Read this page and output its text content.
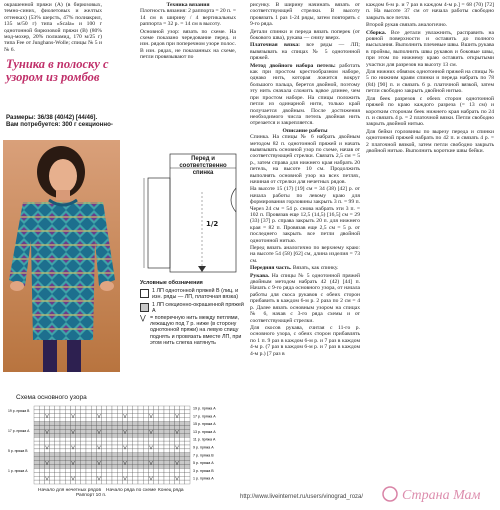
окрашенной пряжи (A) (в бирюзовых, темно-синих, фиолетовых и желтых оттенках) (53% шерсть, 47% полиакрил, 135 м/50 г) типа «Scala» и 100 г однотонной бирюзовой пряжи (B) (80% мод-мохер, 20% полиамид, 170 м/25 г) типа Fee от Junghans-Wolle; спицы № 5 и № 6.
Туника в полоску с узором из ромбов
Размеры: 36/38 (40/42) [44/46].
Вам потребуется: 300 г секционно-
Техника вязания
Плотность вязания: 2 раппорта = 20 п. = 14 см в ширину / 4 вертикальных раппорта = 32 р. = 14 см в высоту.
Основной узор: вязать по схеме. На схеме показано чередование перед. и изн. рядов при поперечном узоре полос. В изн. рядах, не показанных на схеме, петли провязывают по
Перед и соответственно спинка
1/2
Условные обозначения
1 ЛП однотонной пряжей В (лиц. и изн. ряды — ЛП, платочная вязка)
1 ЛП секционно-окрашенной пряжей А
⋁ = поперечную нить между петлями, лежащую под 7 р. ниже (в сторону однотонной пряжи) на левую спицу поднять и провязать вместе ЛП, при этом нить слегка натянуть
Схема основного узора
⋁	⋁	⋁	⋁	⋁	⋁
⋁	⋁	⋁	⋁	⋁	⋁
⋁	⋁	⋁	⋁	⋁	⋁
⋁	⋁	⋁	⋁	⋁	⋁
⋁	⋁	⋁	⋁	⋁	⋁
19 р. пряжа A
17 р. пряжа A
15 р. пряжа A
13 р. пряжа A
11 р. пряжа A
9 р. пряжа A
7 р. пряжа B
5 р. пряжа A
3 р. пряжа B
1 р. пряжа A
19 р. пряжа B
17 р. пряжа A
5 р. пряжа B
1 р. пряжа A
Начало для нечетных рядов Начало ряда по схеме Конец ряда
Раппорт 10 п.
рисунку. В ширину начинать вязать от соответствующей стрелки. В высоту провязать 1 раз 1-24 ряды, затем повторять с 9-го ряда.
Детали спинки и переда вязать поперек (от бокового шва), рукава — снизу вверх.
Платочная вязка: все ряды — ЛП; вывязывать на спицах № 5 однотонной пряжей.
Метод двойного набора петель: работать как при простом крестообразном наборе, однако нить, которая ложится вокруг большого пальца, берется двойной, поэтому эту нить сначала сложить вдвое длинее, чем при простом наборе. На спицы положить петли из одинарной нити, только край получается двойным. После достижения необходимого числа петель двойная нить отрезается и закрепляется.
Описание работы
Спинка. На спицы № 6 набрать двойным методом 82 п. однотонной пряжей и начать вывязывать основной узор по схеме, начав от соответствующей стрелки. Связать 2,5 см = 5 р., затем справа для нижнего края набрать 20 петель, на высоте 10 см. Продолжить выполнять основной узор на всех петлях, начиная от стрелки для нечетных рядов.
На высоте 15 (17) [19] см = 34 (38) [42] р. от начала работы по левому краю для формирования горловины закрыть 3 п. = 99 п. Через 24 см = 54 р. снова набрать эти 3 п. = 102 п. Провязав еще 12,5 (14,5) [16,5] см = 29 (33) [37] р. справа закрыть 20 п. для нижнего края = 82 п. Провязав еще 2,5 см = 5 р. от последнего закрыть все петли двойной однотонной нитью.
Перед вязать аналогично по верхнему краю: на высоте 54 (58) [62] см, длина изделия = 73 см.
Передняя часть. Вязать, как спинку.
Рукава. На спицы № 5 однотонной пряжей двойным методом набрать 42 (42) [44] п. Начать с 9-го ряда основного узора, от начала работы для скоса рукавов с обеих сторон прибавить в каждом 6-м р. 2 раза по 2 см = 4 р. Далее вязать основным узором на спицах № 6, начав с 3-го ряда схемы и от соответствующей стрелки.
Для скосов рукава, считая с 11-го р. основного узора, с обеих сторон прибавлять по 1 п. 9 раз в каждом 6-м р. и 7 раз в каждом 4-м р. (7 раз в каждом 6-м р. и 7 раз в каждом 4-м р.) [7 раз в
каждом 6-м р. и 7 раз в каждом 4-м р.] = 68 (70) [72] п. На высоте 37 см от начала работы свободно закрыть все петли.
Второй рукав связать аналогично.
Сборка. Все детали увлажнить, расправить на ровной поверхности и оставить до полного высыхания. Выполнить плечевые швы. Вшить рукава в проймы, выполнить швы рукавов и боковые швы, при этом по нижнему краю оставить открытыми участки для разрезов на высоту 13 см.
Для нижних обвязок однотонной пряжей на спицы № 5 по нижним краям спинки и переда набрать по 78 (84) [90] п. и связать 6 р. платочной вязкой, затем петли свободно закрыть двойной нитью.
Для беек разрезов с обеих сторон однотонной пряжей по краю каждого разреза (= 13 см) и коротким сторонам беек нижнего края набрать по 24 п. и связать 4 р. = 2 платочной вязки. Петли свободно закрыть двойной нитью.
Для бейки горловины по вырезу переда и спинки однотонной пряжей набрать по 42 п. и связать 4 р. = 2 платочной вязкой, затем петли свободно закрыть двойной нитью. Выполнить короткие швы бейки.
http://www.liveinternet.ru/users/vinograd_roza/	Страна Мам
